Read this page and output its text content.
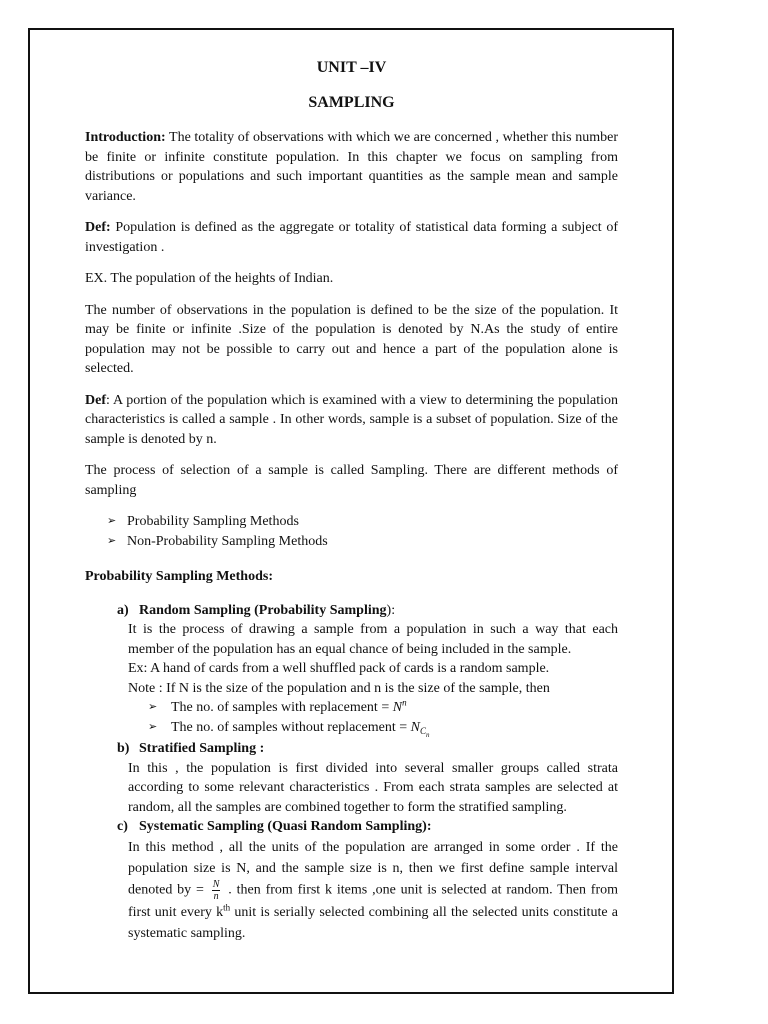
UNIT –IV

SAMPLING

Introduction: The totality of observations with which we are concerned , whether this number be finite or infinite constitute population. In this chapter we focus on sampling from distributions or populations and such important quantities as the sample mean and sample variance.

Def: Population is defined as the aggregate or totality of statistical data forming a subject of investigation .

EX. The population of the heights of Indian.

The number of observations in the population is defined to be the size of the population. It may be finite or infinite .Size of the population is denoted by N.As the study of entire population may not be possible to carry out and hence a part of the population alone is selected.

Def: A portion of the population which is examined with a view to determining the population characteristics is called a sample . In other words, sample is a subset of population. Size of the sample is denoted by n.

The process of selection of a sample is called Sampling. There are different methods of sampling

➢ Probability Sampling Methods
➢ Non-Probability Sampling Methods

Probability Sampling Methods:

a) Random Sampling (Probability Sampling):

It is the process of drawing a sample from a population in such a way that each member of the population has an equal chance of being included in the sample.

Ex: A hand of cards from a well shuffled pack of cards is a random sample.

Note : If N is the size of the population and n is the size of the sample, then

➢ The no. of samples with replacement = $N^n$
➢ The no. of samples without replacement = $N_{C_n}$
b) Stratified Sampling :

In this , the population is first divided into several smaller groups called strata according to some relevant characteristics . From each strata samples are selected at random, all the samples are combined together to form the stratified sampling.

c) Systematic Sampling (Quasi Random Sampling):

In this method , all the units of the population are arranged in some order . If the population size is N, and the sample size is n, then we first define sample interval denoted by = $\frac{N}{n}$ . then from first k items ,one unit is selected at random. Then from first unit every $k^{th}$ unit is serially selected combining all the selected units constitute a systematic sampling.
